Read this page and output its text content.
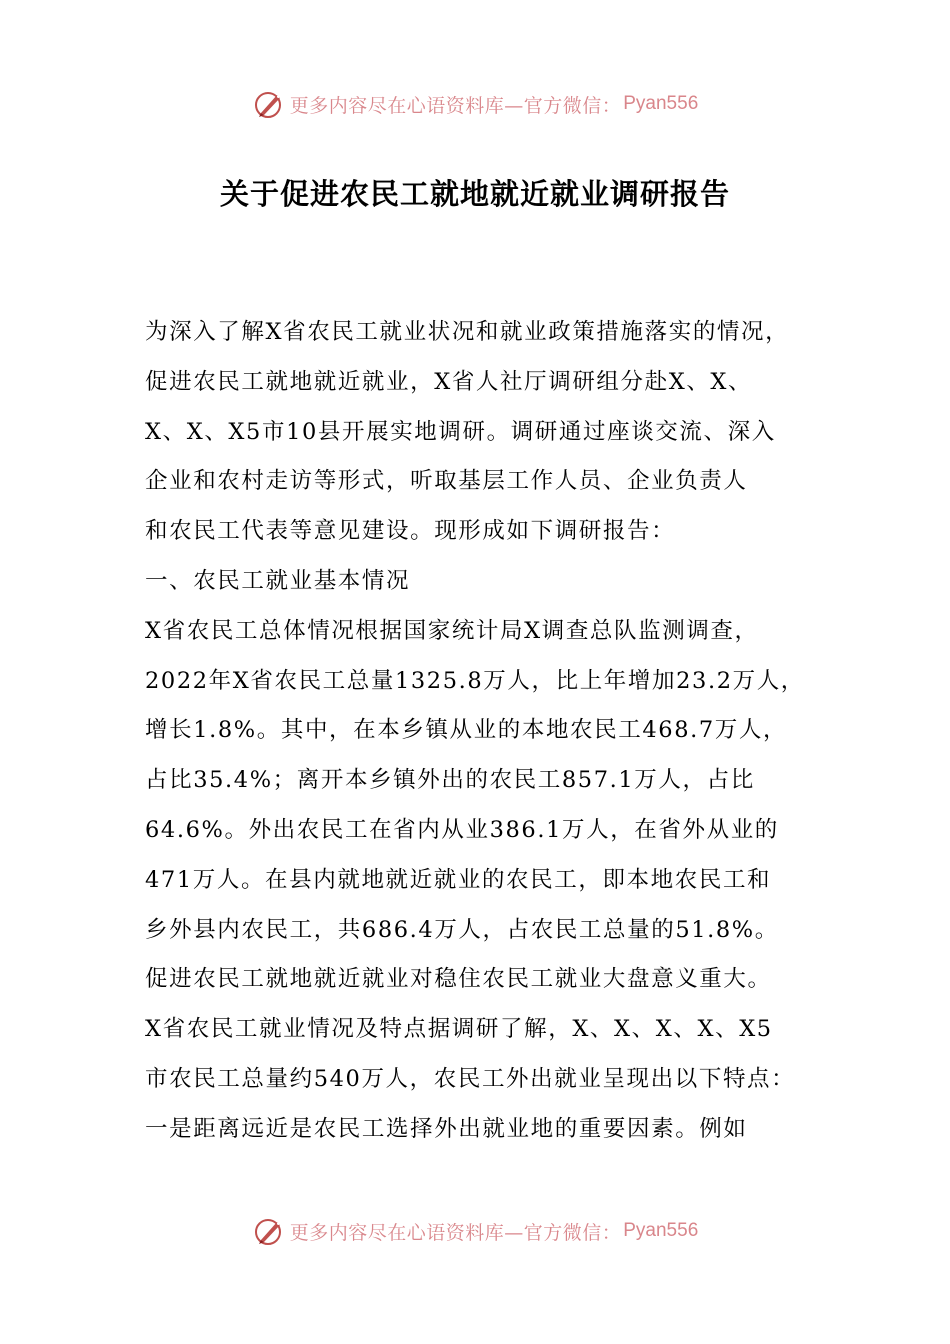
更多内容尽在心语资料库—官方微信： Pyan556
关于促进农民工就地就近就业调研报告
为深入了解X省农民工就业状况和就业政策措施落实的情况，
促进农民工就地就近就业，X省人社厅调研组分赴X、X、
X、X、X5市10县开展实地调研。调研通过座谈交流、深入
企业和农村走访等形式，听取基层工作人员、企业负责人
和农民工代表等意见建设。现形成如下调研报告：
一、农民工就业基本情况
X省农民工总体情况根据国家统计局X调查总队监测调查，
2022年X省农民工总量1325.8万人，比上年增加23.2万人，
增长1.8%。其中，在本乡镇从业的本地农民工468.7万人，
占比35.4%；离开本乡镇外出的农民工857.1万人，占比
64.6%。外出农民工在省内从业386.1万人，在省外从业的
471万人。在县内就地就近就业的农民工，即本地农民工和
乡外县内农民工，共686.4万人，占农民工总量的51.8%。
促进农民工就地就近就业对稳住农民工就业大盘意义重大。
X省农民工就业情况及特点据调研了解，X、X、X、X、X5
市农民工总量约540万人，农民工外出就业呈现出以下特点：
一是距离远近是农民工选择外出就业地的重要因素。例如
更多内容尽在心语资料库—官方微信： Pyan556
